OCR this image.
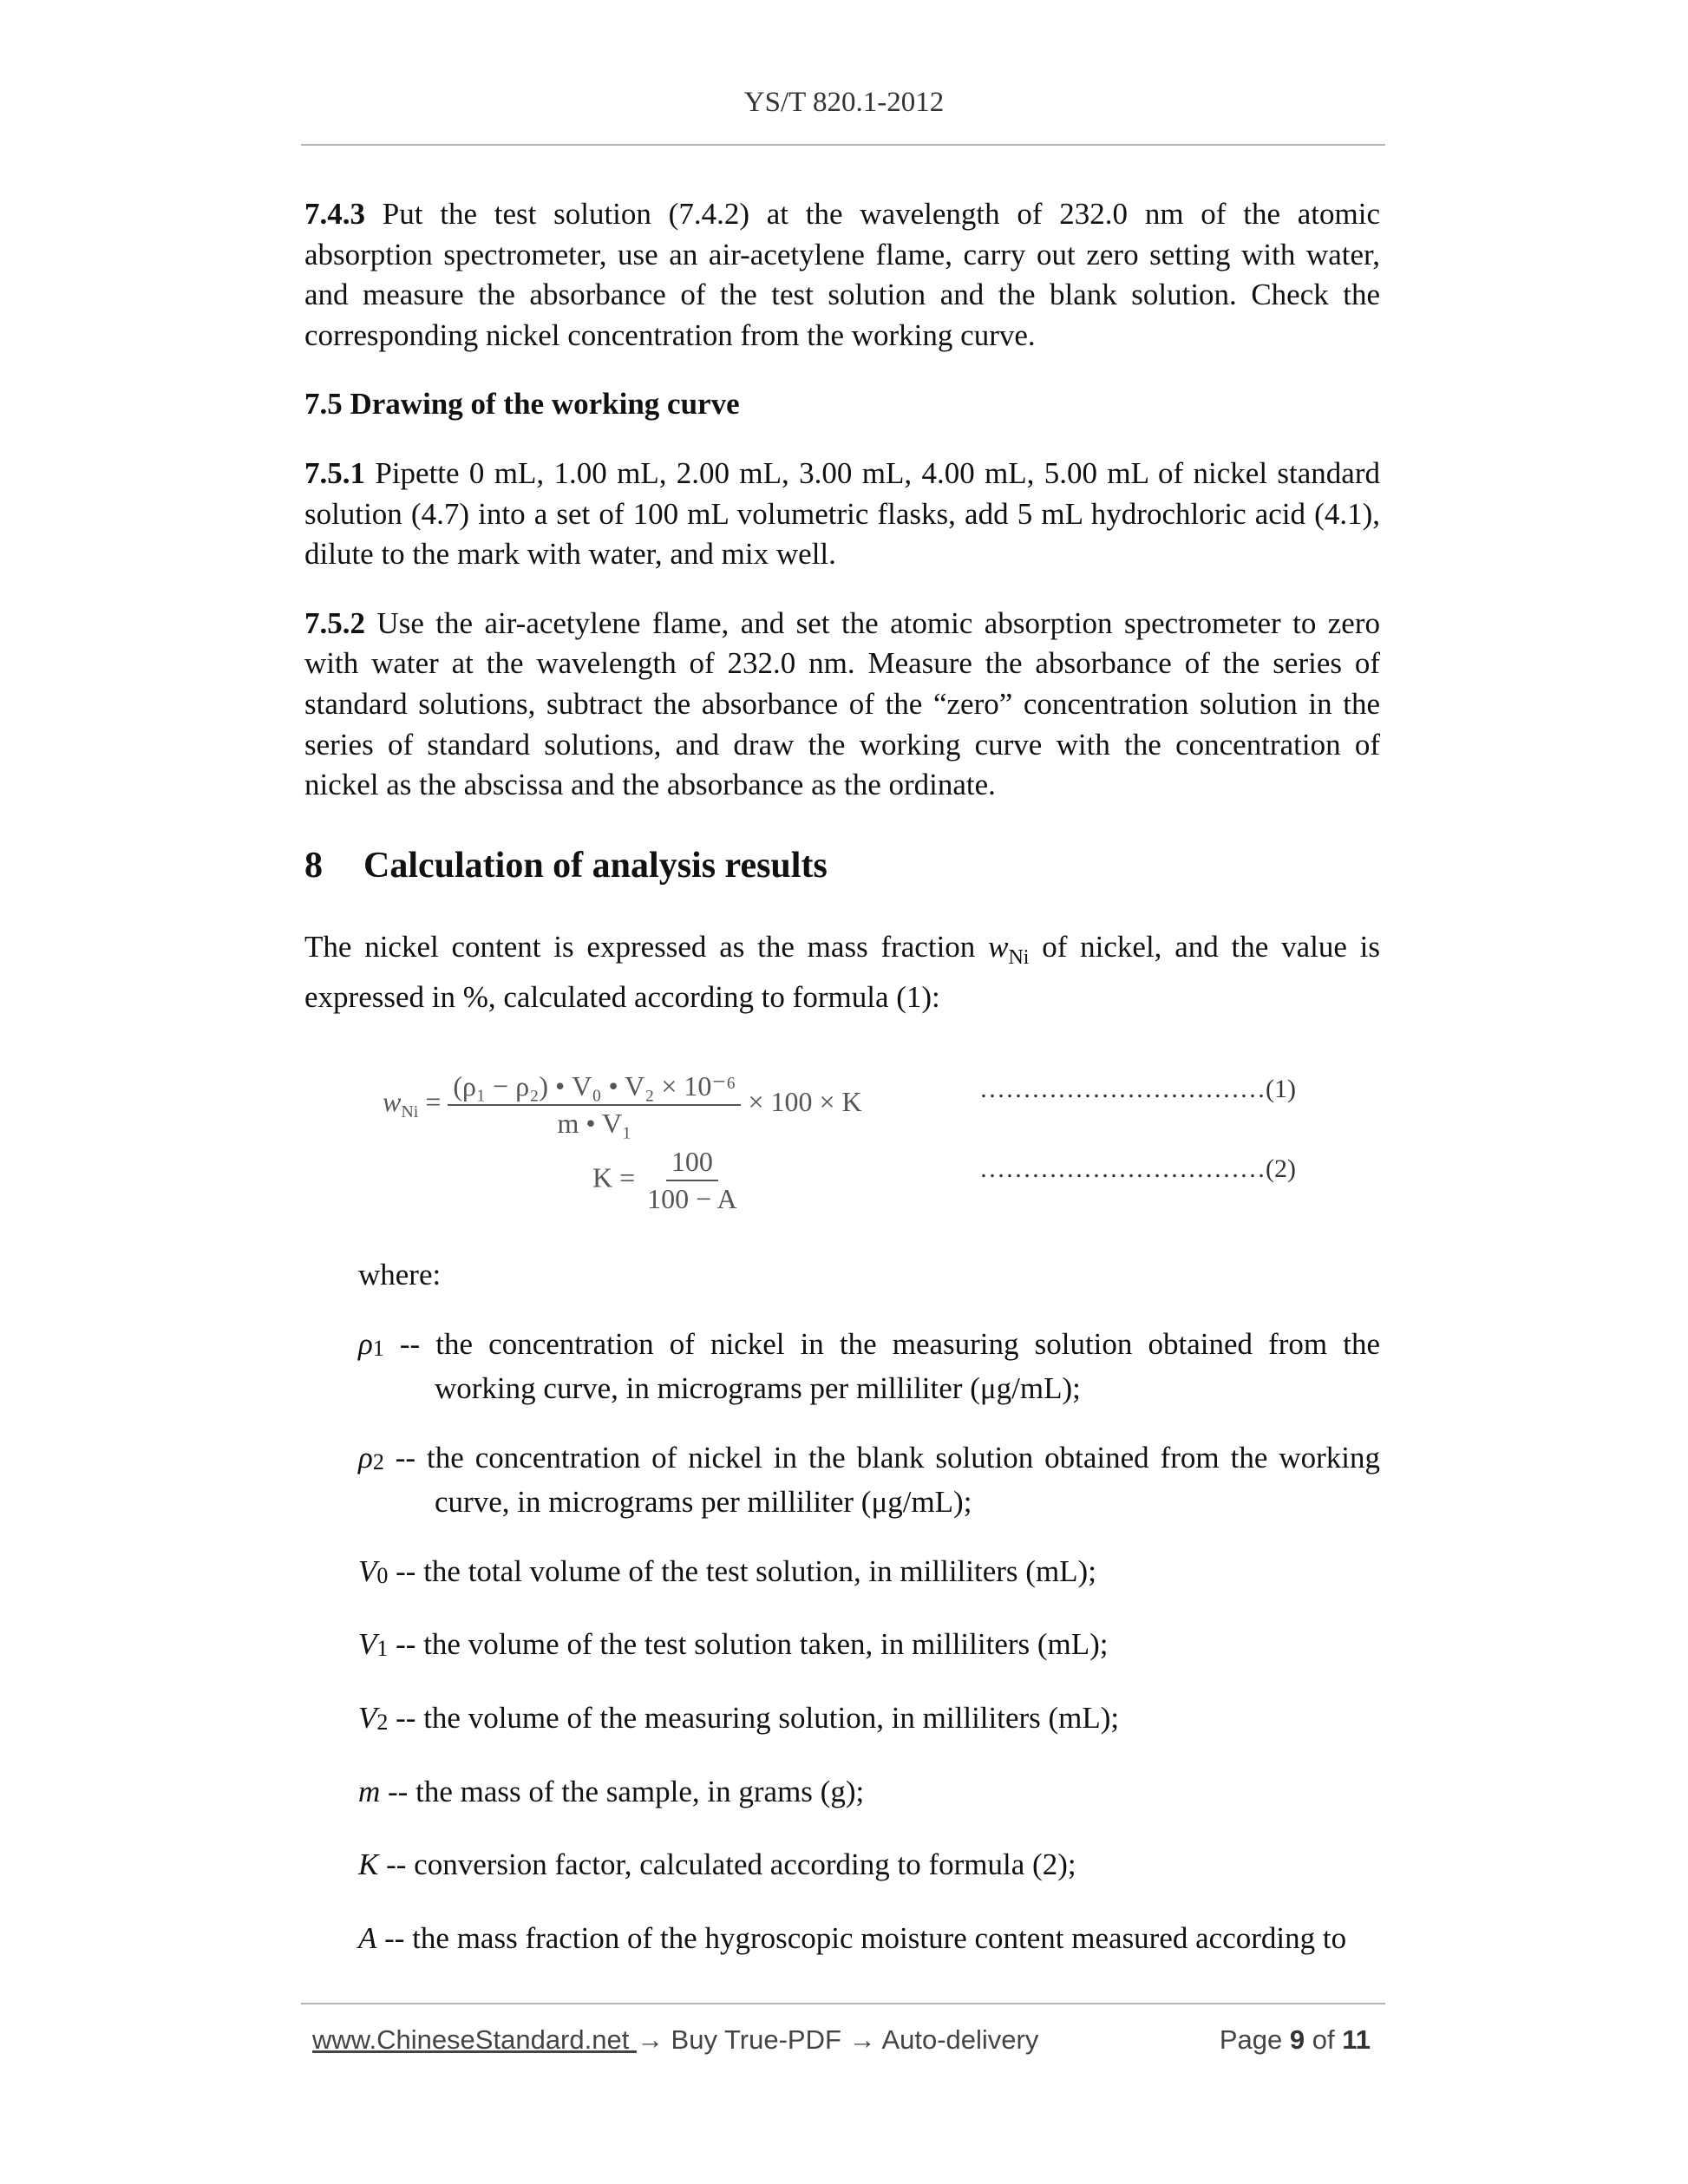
YS/T 820.1-2012

7.4.3 Put the test solution (7.4.2) at the wavelength of 232.0 nm of the atomic absorption spectrometer, use an air-acetylene flame, carry out zero setting with water, and measure the absorbance of the test solution and the blank solution. Check the corresponding nickel concentration from the working curve.

7.5 Drawing of the working curve

7.5.1 Pipette 0 mL, 1.00 mL, 2.00 mL, 3.00 mL, 4.00 mL, 5.00 mL of nickel standard solution (4.7) into a set of 100 mL volumetric flasks, add 5 mL hydrochloric acid (4.1), dilute to the mark with water, and mix well.

7.5.2 Use the air-acetylene flame, and set the atomic absorption spectrometer to zero with water at the wavelength of 232.0 nm. Measure the absorbance of the series of standard solutions, subtract the absorbance of the “zero” concentration solution in the series of standard solutions, and draw the working curve with the concentration of nickel as the abscissa and the absorbance as the ordinate.

8	Calculation of analysis results

The nickel content is expressed as the mass fraction $w_{Ni}$ of nickel, and the value is expressed in %, calculated according to formula (1):

$w_{Ni} = \frac{\text{(ρ₁ − ρ₂) • V₀ • V₂ × 10⁻⁶}}{\text{m • V₁}} \times 100 \times K$	……………………………(1)
$K = \frac{100}{100 - A}$	……………………………(2)
where:

ρ1 -- the concentration of nickel in the measuring solution obtained from the working curve, in micrograms per milliliter (μg/mL);

ρ2 -- the concentration of nickel in the blank solution obtained from the working curve, in micrograms per milliliter (μg/mL);

V0 -- the total volume of the test solution, in milliliters (mL);

V1 -- the volume of the test solution taken, in milliliters (mL);

V2 -- the volume of the measuring solution, in milliliters (mL);

m -- the mass of the sample, in grams (g);

K -- conversion factor, calculated according to formula (2);

A -- the mass fraction of the hygroscopic moisture content measured according to

www.ChineseStandard.net → Buy True-PDF → Auto-delivery	Page 9 of 11
